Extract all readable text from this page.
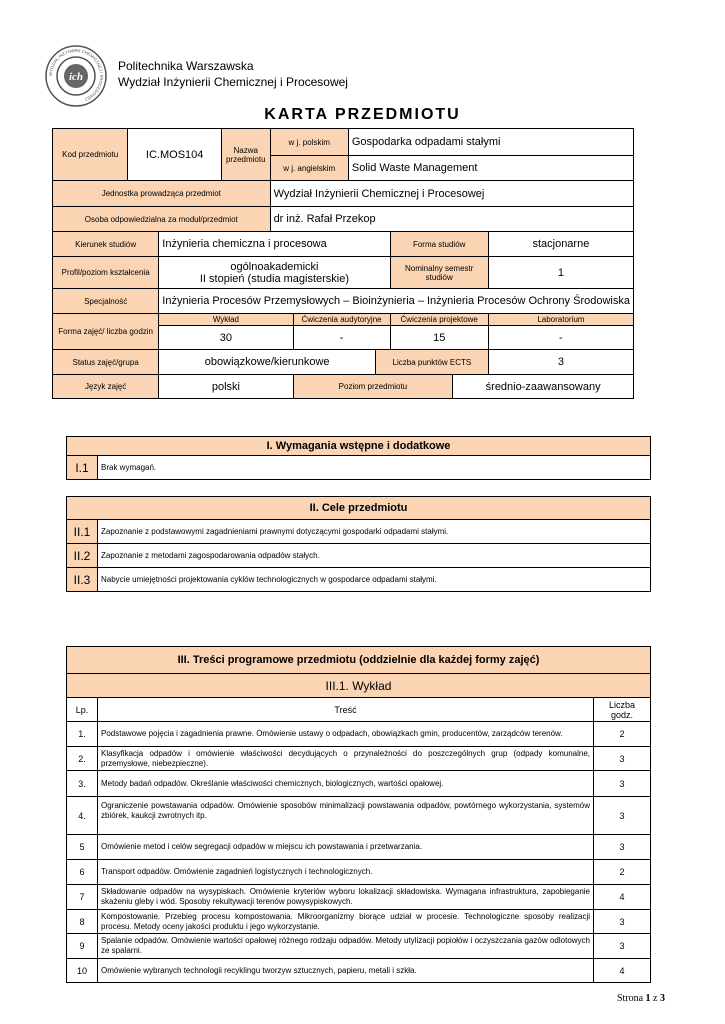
WYDZIAŁ INŻYNIERII CHEMICZNEJ I PROCESOWEJ
ich
Politechnika Warszawska
Wydział Inżynierii Chemicznej i Procesowej
KARTA PRZEDMIOTU
Kod przedmiotu	IC.MOS104		Nazwa przedmiotu	w j. polskim		Gospodarka odpadami stałymi				
				w j. angielskim		Solid Waste Management				
Jednostka prowadząca przedmiot				Wydział Inżynierii Chemicznej i Procesowej						
Osoba odpowiedzialna za moduł/przedmiot				dr inż. Rafał Przekop						
Kierunek studiów		Inżynieria chemiczna i procesowa						Forma studiów		stacjonarne
Profil/poziom kształcenia		ogólnoakademicki
II stopień (studia magisterskie)						Nominalny semestr studiów		1
Specjalność		Inżynieria Procesów Przemysłowych – Bioinżynieria – Inżynieria Procesów Ochrony Środowiska								
Forma zajęć/ liczba godzin		Wykład			Ćwiczenia audytoryjne			Ćwiczenia projektowe		Laboratorium
		30			-			15		-
Status zajęć/grupa		obowiązkowe/kierunkowe					Liczba punktów ECTS			3
Język zajęć		polski			Poziom przedmiotu				średnio-zaawansowany	
I. Wymagania wstępne i dodatkowe
I.1	Brak wymagań.
II. Cele przedmiotu	
II.1	Zapoznanie z podstawowymi zagadnieniami prawnymi dotyczącymi gospodarki odpadami stałymi.
II.2	Zapoznanie z metodami zagospodarowania odpadów stałych.
II.3	Nabycie umiejętności projektowania cyklów technologicznych w gospodarce odpadami stałymi.
III. Treści programowe przedmiotu (oddzielnie dla każdej formy zajęć)		
III.1. Wykład		
Lp.	Treść	Liczba godz.
1.	Podstawowe pojęcia i zagadnienia prawne. Omówienie ustawy o odpadach, obowiązkach gmin, producentów, zarządców terenów.	2
2.	Klasyfikacja odpadów i omówienie właściwości decydujących o przynależności do poszczególnych grup (odpady komunalne, przemysłowe, niebezpieczne).	3
3.	Metody badań odpadów. Określanie właściwości chemicznych, biologicznych, wartości opałowej.	3
4.	Ograniczenie powstawania odpadów. Omówienie sposobów minimalizacji powstawania odpadów, powtórnego wykorzystania, systemów zbiórek, kaukcji zwrotnych itp.	3
5	Omówienie metod i celów segregacji odpadów w miejscu ich powstawania i przetwarzania.	3
6	Transport odpadów. Omówienie zagadnień logistycznych i technologicznych.	2
7	Składowanie odpadów na wysypiskach. Omówienie kryteriów wyboru lokalizacji składowiska. Wymagana infrastruktura, zapobieganie skażeniu gleby i wód. Sposoby rekultywacji terenów powysypiskowych.	4
8	Kompostowanie. Przebieg procesu kompostowania. Mikroorganizmy biorące udział w procesie. Technologiczne sposoby realizacji procesu. Metody oceny jakości produktu i jego wykorzystanie.	3
9	Spalanie odpadów. Omówienie wartości opałowej różnego rodzaju odpadów. Metody utylizacji popiołów i oczyszczania gazów odlotowych ze spalarni.	3
10	Omówienie wybranych technologii recyklingu tworzyw sztucznych, papieru, metali i szkła.	4
Strona 1 z 3
